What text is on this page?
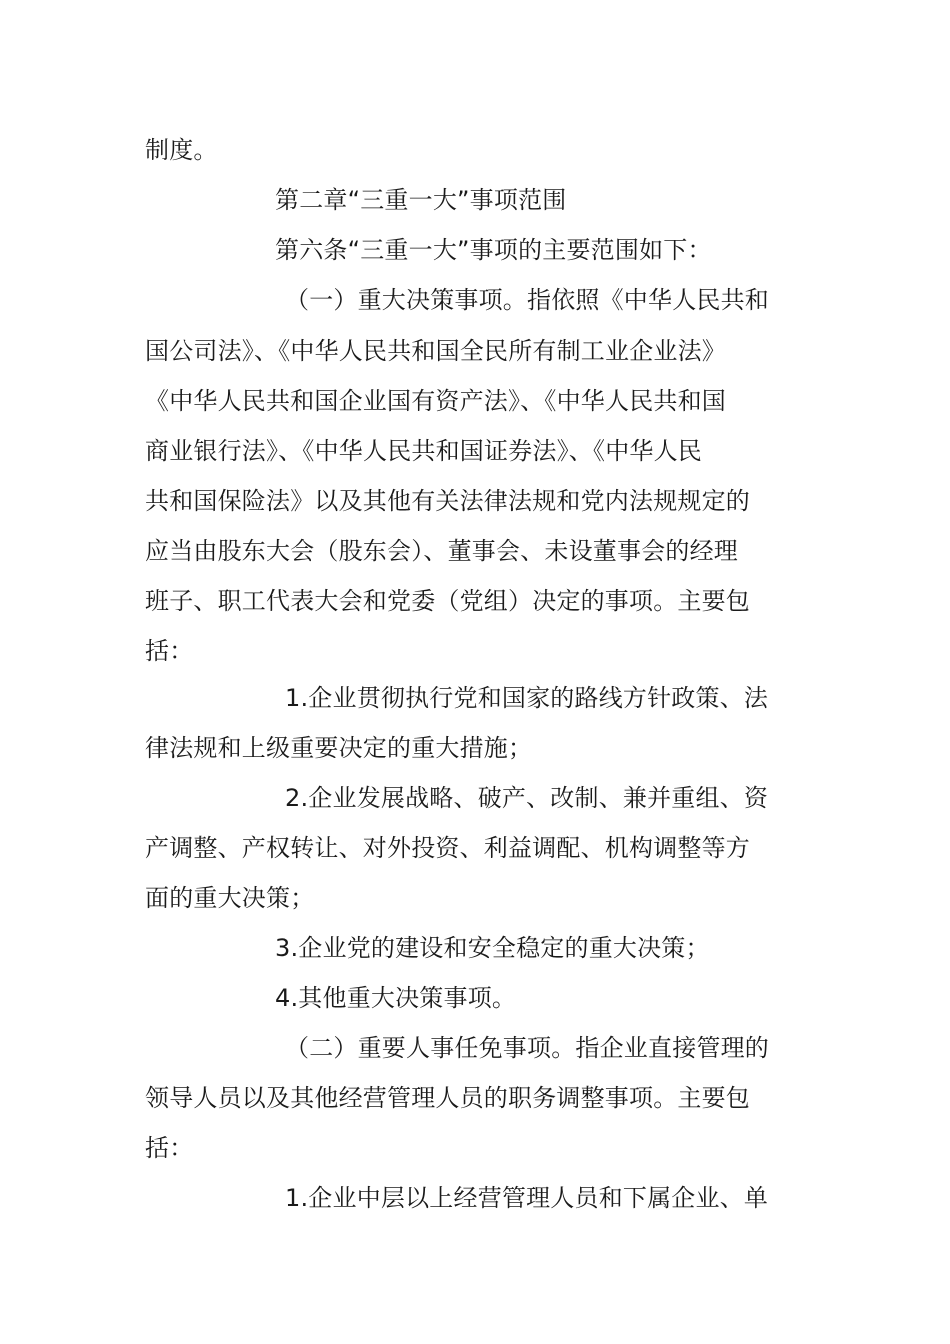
制度。
第二章“三重一大”事项范围
第六条“三重一大”事项的主要范围如下：
（一）重大决策事项。指依照《中华人民共和
国公司法》、《中华人民共和国全民所有制工业企业法》
《中华人民共和国企业国有资产法》、《中华人民共和国
商业银行法》、《中华人民共和国证券法》、《中华人民
共和国保险法》以及其他有关法律法规和党内法规规定的
应当由股东大会（股东会）、董事会、未设董事会的经理
班子、职工代表大会和党委（党组）决定的事项。主要包
括：
1.企业贯彻执行党和国家的路线方针政策、法
律法规和上级重要决定的重大措施；
2.企业发展战略、破产、改制、兼并重组、资
产调整、产权转让、对外投资、利益调配、机构调整等方
面的重大决策；
3.企业党的建设和安全稳定的重大决策；
4.其他重大决策事项。
（二）重要人事任免事项。指企业直接管理的
领导人员以及其他经营管理人员的职务调整事项。主要包
括：
1.企业中层以上经营管理人员和下属企业、单
